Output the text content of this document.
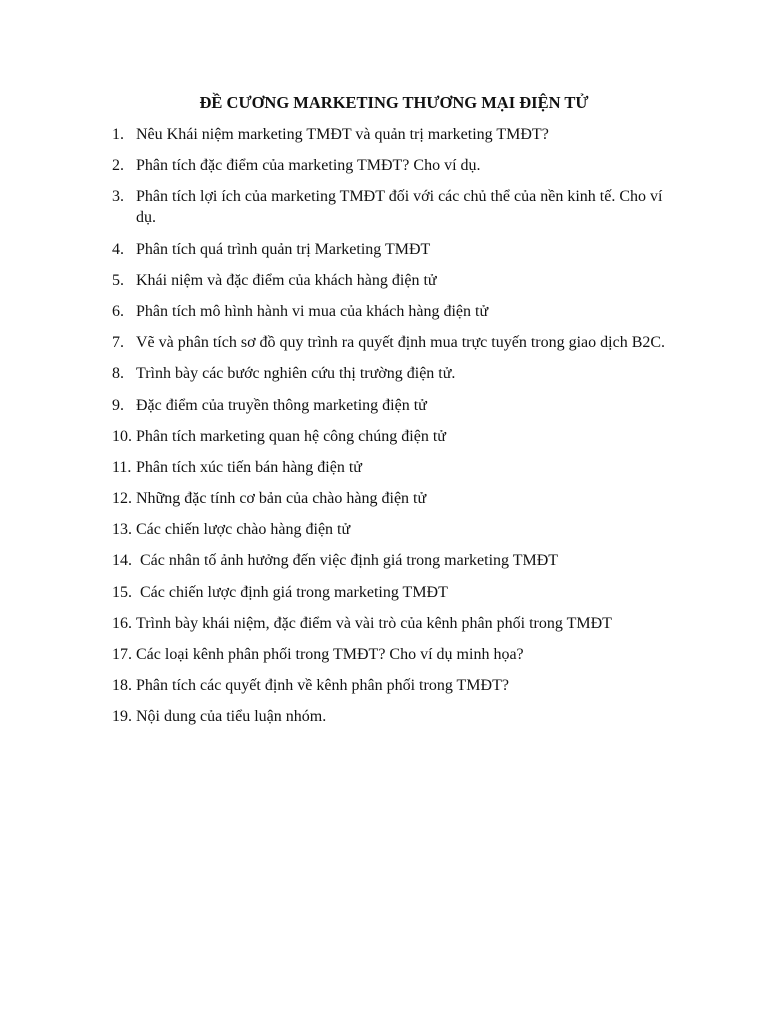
ĐỀ CƯƠNG MARKETING THƯƠNG MẠI ĐIỆN TỬ
1. Nêu Khái niệm marketing TMĐT và quản trị marketing TMĐT?
2. Phân tích đặc điểm của marketing TMĐT? Cho ví dụ.
3. Phân tích lợi ích của marketing TMĐT đối với các chủ thể của nền kinh tế. Cho ví dụ.
4. Phân tích quá trình quản trị Marketing TMĐT
5. Khái niệm và đặc điểm của khách hàng điện tử
6. Phân tích mô hình hành vi mua của khách hàng điện tử
7. Vẽ và phân tích sơ đồ quy trình ra quyết định mua trực tuyến trong giao dịch B2C.
8. Trình bày các bước nghiên cứu thị trường điện tử.
9. Đặc điểm của truyền thông marketing điện tử
10. Phân tích marketing quan hệ công chúng điện tử
11. Phân tích xúc tiến bán hàng điện tử
12. Những đặc tính cơ bản của chào hàng điện tử
13. Các chiến lược chào hàng điện tử
14. Các nhân tố ảnh hưởng đến việc định giá trong marketing TMĐT
15. Các chiến lược định giá trong marketing TMĐT
16. Trình bày khái niệm, đặc điểm và vài trò của kênh phân phối trong TMĐT
17. Các loại kênh phân phối trong TMĐT? Cho ví dụ minh họa?
18. Phân tích các quyết định về kênh phân phối trong TMĐT?
19. Nội dung của tiểu luận nhóm.
